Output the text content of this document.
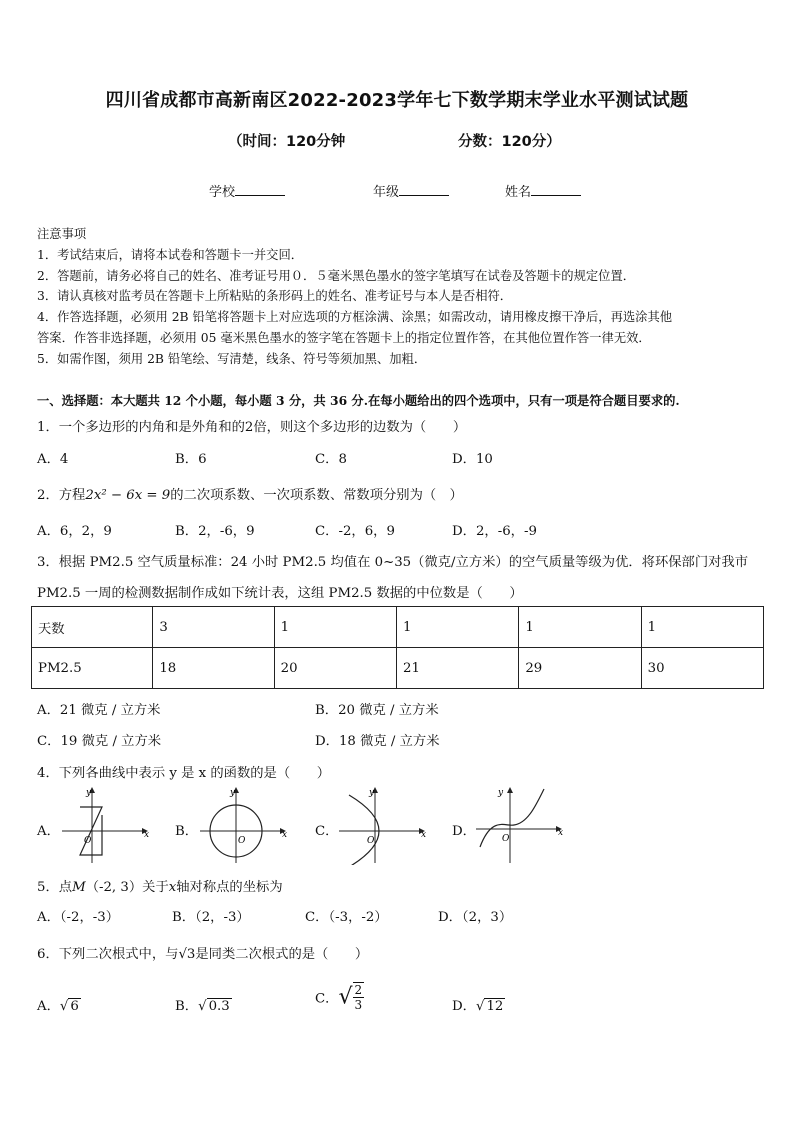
四川省成都市高新南区2022-2023学年七下数学期末学业水平测试试题
（时间：120分钟	分数：120分）
学校	年级	姓名
注意事项
1．考试结束后，请将本试卷和答题卡一并交回．
2．答题前，请务必将自己的姓名、准考证号用０．５毫米黑色墨水的签字笔填写在试卷及答题卡的规定位置．
3．请认真核对监考员在答题卡上所粘贴的条形码上的姓名、准考证号与本人是否相符．
4．作答选择题，必须用 2B 铅笔将答题卡上对应选项的方框涂满、涂黑；如需改动，请用橡皮擦干净后，再选涂其他
答案．作答非选择题，必须用 05 毫米黑色墨水的签字笔在答题卡上的指定位置作答，在其他位置作答一律无效．
5．如需作图，须用 2B 铅笔绘、写清楚，线条、符号等须加黑、加粗．
一、选择题：本大题共 12 个小题，每小题 3 分，共 36 分.在每小题给出的四个选项中，只有一项是符合题目要求的.
1．一个多边形的内角和是外角和的2倍，则这个多边形的边数为（　　）
A．4	B．6	C．8	D．10
2．方程2x² − 6x = 9的二次项系数、一次项系数、常数项分别为（　）
A．6，2，9	B．2，-6，9	C．-2，6，9	D．2，-6，-9
3．根据 PM2.5 空气质量标准：24 小时 PM2.5 均值在 0~35（微克/立方米）的空气质量等级为优．将环保部门对我市
PM2.5 一周的检测数据制作成如下统计表，这组 PM2.5 数据的中位数是（　　）
天数	3	1	1	1	1
PM2.5	18	20	21	29	30
A．21 微克 / 立方米	B．20 微克 / 立方米
C．19 微克 / 立方米	D．18 微克 / 立方米
4．下列各曲线中表示 y 是 x 的函数的是（　　）
A．	x
y
O
B．	x
y
O
C．	x
y
O
D．	x
y
O
5．点M（-2, 3）关于x轴对称点的坐标为
A．（-2，-3）	B．（2，-3）	C．（-3，-2）	D．（2，3）
6．下列二次根式中，与√3是同类二次根式的是（　　）
A．√ 6	B．√ 0.3	C．√ $\frac{2}{3}$	D．√ 12
